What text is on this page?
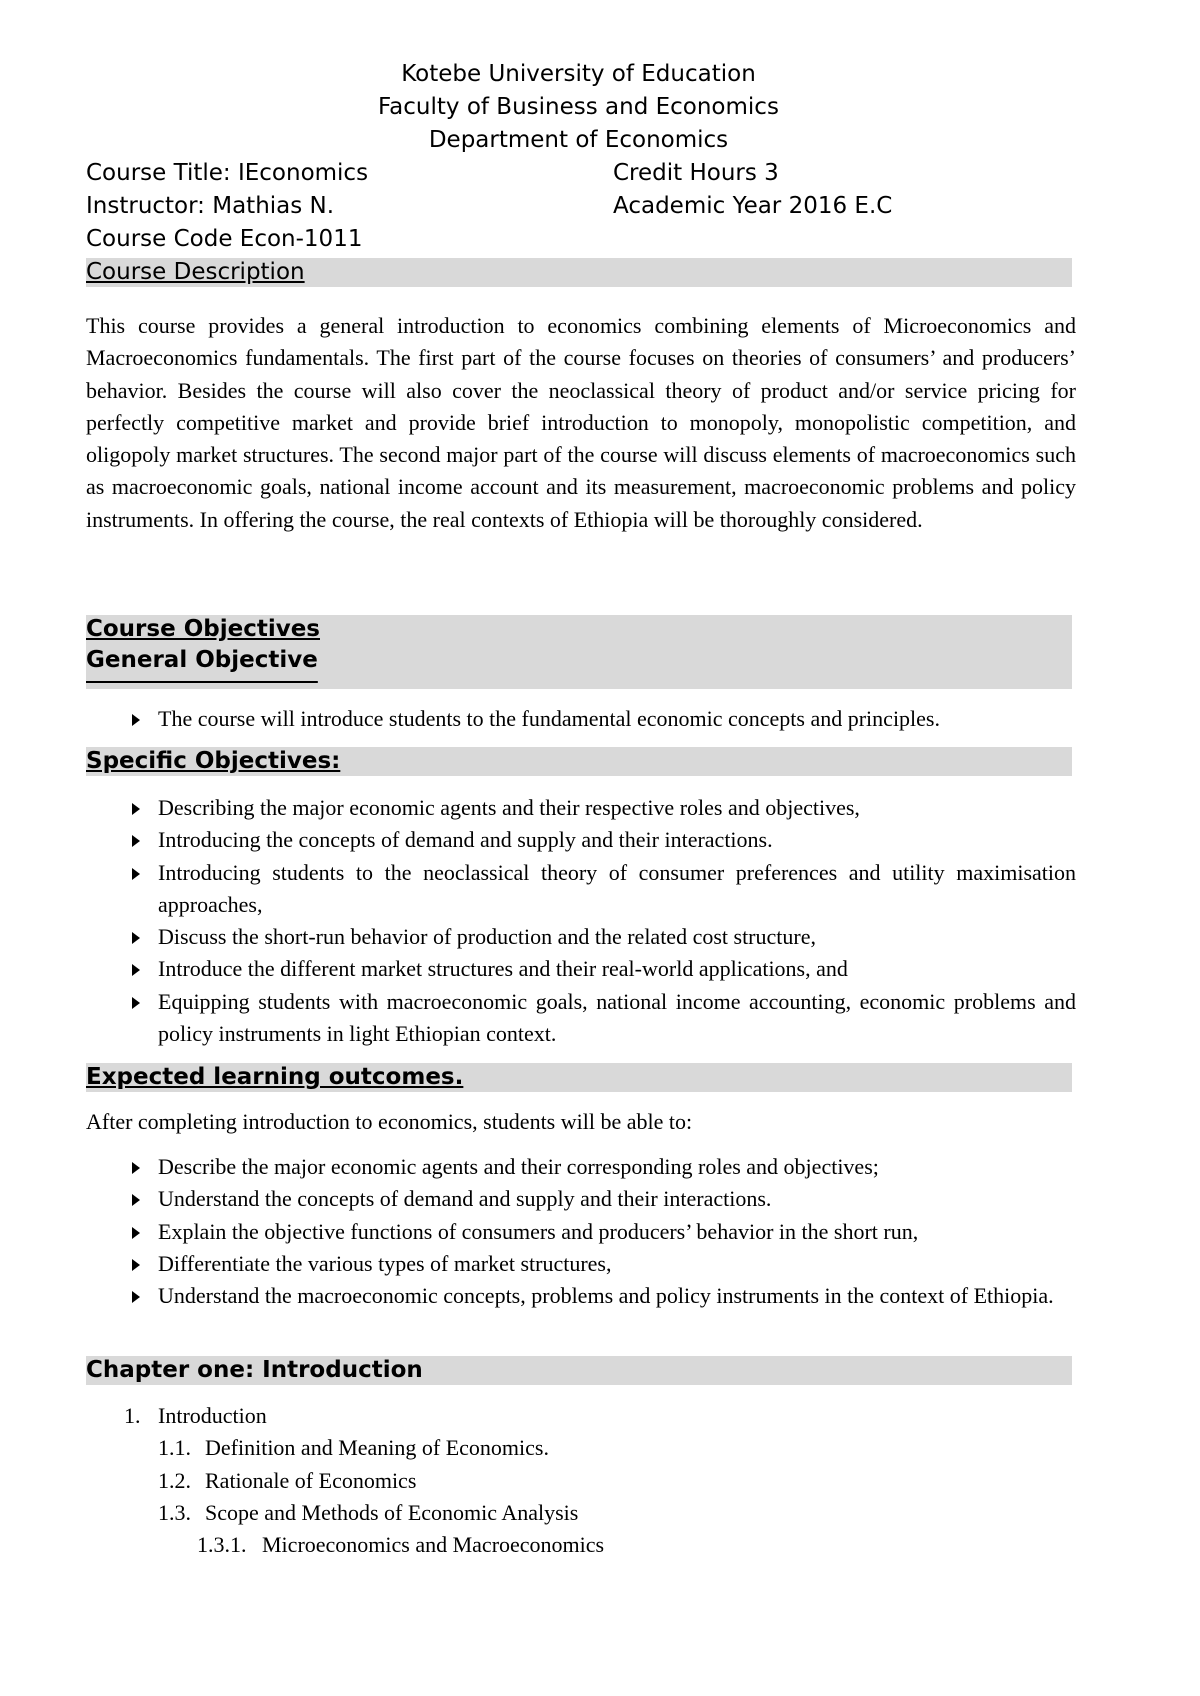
Kotebe University of Education
Faculty of Business and Economics
Department of Economics
Course Title: IEconomics	Credit Hours 3
Instructor: Mathias N.	Academic Year 2016 E.C
Course Code Econ-1011
Course Description
This course provides a general introduction to economics combining elements of Microeconomics and Macroeconomics fundamentals. The first part of the course focuses on theories of consumers’ and producers’ behavior. Besides the course will also cover the neoclassical theory of product and/or service pricing for perfectly competitive market and provide brief introduction to monopoly, monopolistic competition, and oligopoly market structures. The second major part of the course will discuss elements of macroeconomics such as macroeconomic goals, national income account and its measurement, macroeconomic problems and policy instruments. In offering the course, the real contexts of Ethiopia will be thoroughly considered.
Course Objectives
General Objective
The course will introduce students to the fundamental economic concepts and principles.
Specific Objectives:
Describing the major economic agents and their respective roles and objectives,
Introducing the concepts of demand and supply and their interactions.
Introducing students to the neoclassical theory of consumer preferences and utility maximisation approaches,
Discuss the short-run behavior of production and the related cost structure,
Introduce the different market structures and their real-world applications, and
Equipping students with macroeconomic goals, national income accounting, economic problems and policy instruments in light Ethiopian context.
Expected learning outcomes.
After completing introduction to economics, students will be able to:
Describe the major economic agents and their corresponding roles and objectives;
Understand the concepts of demand and supply and their interactions.
Explain the objective functions of consumers and producers’ behavior in the short run,
Differentiate the various types of market structures,
Understand the macroeconomic concepts, problems and policy instruments in the context of Ethiopia.
Chapter one: Introduction
1. Introduction
1.1. Definition and Meaning of Economics.
1.2. Rationale of Economics
1.3. Scope and Methods of Economic Analysis
1.3.1. Microeconomics and Macroeconomics
